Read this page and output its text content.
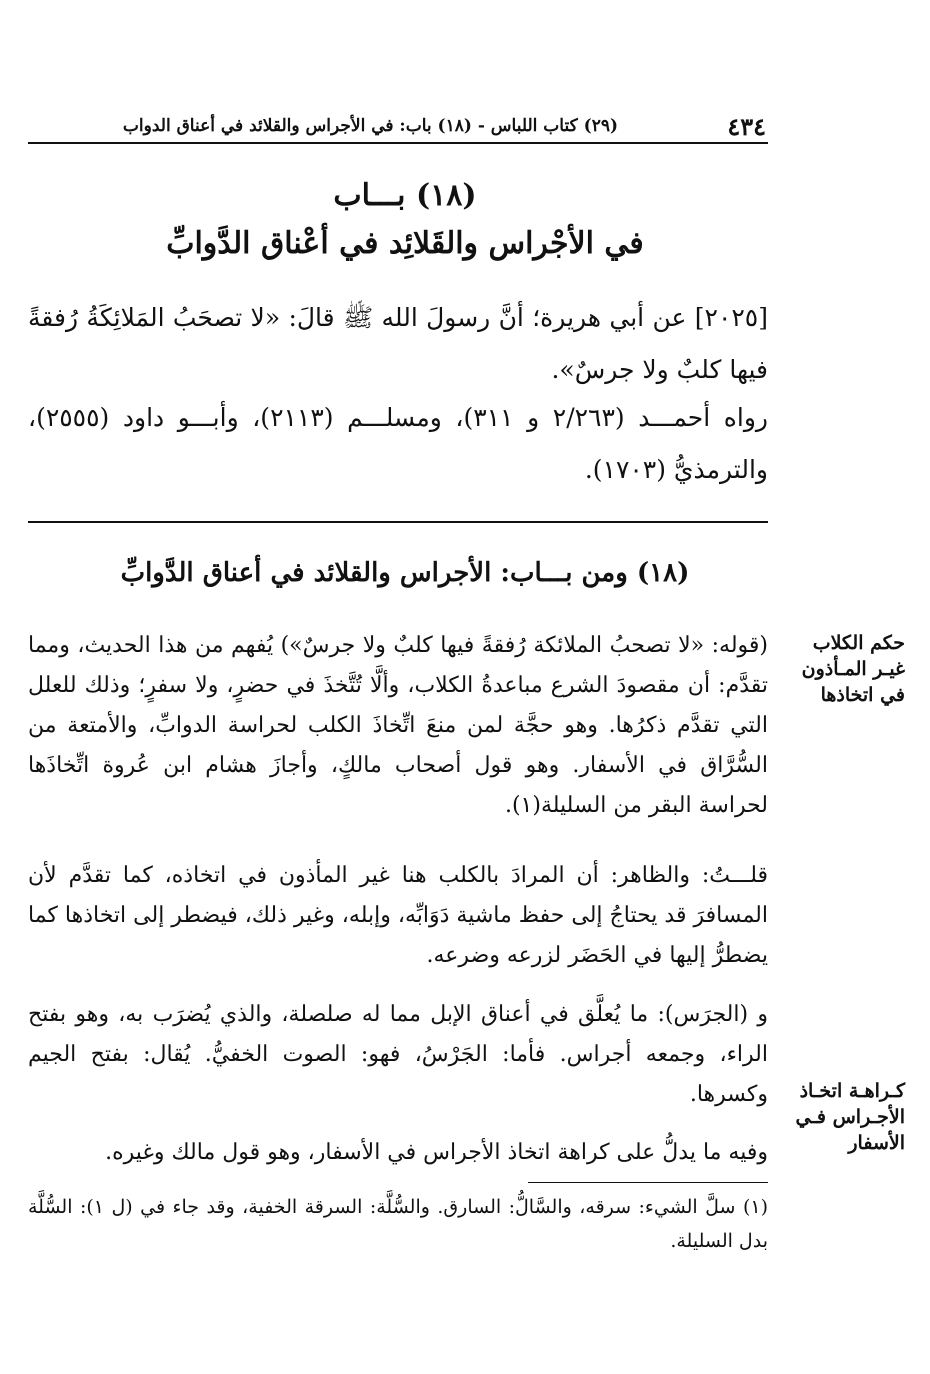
٤٣٤
(٢٩) كتاب اللباس - (١٨) باب: في الأجراس والقلائد في أعناق الدواب
(١٨) بـــاب
في الأجْراس والقَلائِد في أعْناق الدَّوابِّ
[٢٠٢٥] عن أبي هريرة؛ أنَّ رسولَ الله ﷺ قالَ: «لا تصحَبُ المَلائِكَةُ رُفقةً فيها كلبٌ ولا جرسٌ».
رواه أحمـــد (٢/٢٦٣ و ٣١١)، ومسلـــم (٢١١٣)، وأبـــو داود (٢٥٥٥)، والترمذيُّ (١٧٠٣).
(١٨) ومن بـــاب: الأجراس والقلائد في أعناق الدَّوابِّ
(قوله: «لا تصحبُ الملائكة رُفقةً فيها كلبٌ ولا جرسٌ») يُفهم من هذا الحديث، ومما تقدَّم: أن مقصودَ الشرع مباعدةُ الكلاب، وألَّا تُتَّخذَ في حضرٍ، ولا سفرٍ؛ وذلك للعلل التي تقدَّم ذكرُها. وهو حجَّة لمن منعَ اتِّخاذَ الكلب لحراسة الدوابِّ، والأمتعة من السُّرَّاق في الأسفار. وهو قول أصحاب مالكٍ، وأجازَ هشام ابن عُروة اتِّخاذَها لحراسة البقر من السليلة(١).
قلـــتُ: والظاهر: أن المرادَ بالكلب هنا غير المأذون في اتخاذه، كما تقدَّم لأن المسافرَ قد يحتاجُ إلى حفظ ماشية دَوَابِّه، وإبله، وغير ذلك، فيضطر إلى اتخاذها كما يضطرُّ إليها في الحَضَر لزرعه وضرعه.
و (الجرَس): ما يُعلَّق في أعناق الإبل مما له صلصلة، والذي يُضرَب به، وهو بفتح الراء، وجمعه أجراس. فأما: الجَرْسُ، فهو: الصوت الخفيُّ. يُقال: بفتح الجيم وكسرها.
وفيه ما يدلُّ على كراهة اتخاذ الأجراس في الأسفار، وهو قول مالك وغيره.
حكم الكلاب غيـر المـأذون في اتخاذها
كـراهـة اتخـاذ الأجـراس فـي الأسفار
(١) سلَّ الشيء: سرقه، والسَّالُّ: السارق. والسُّلَّة: السرقة الخفية، وقد جاء في (ل ١): السُّلَّة بدل السليلة.
